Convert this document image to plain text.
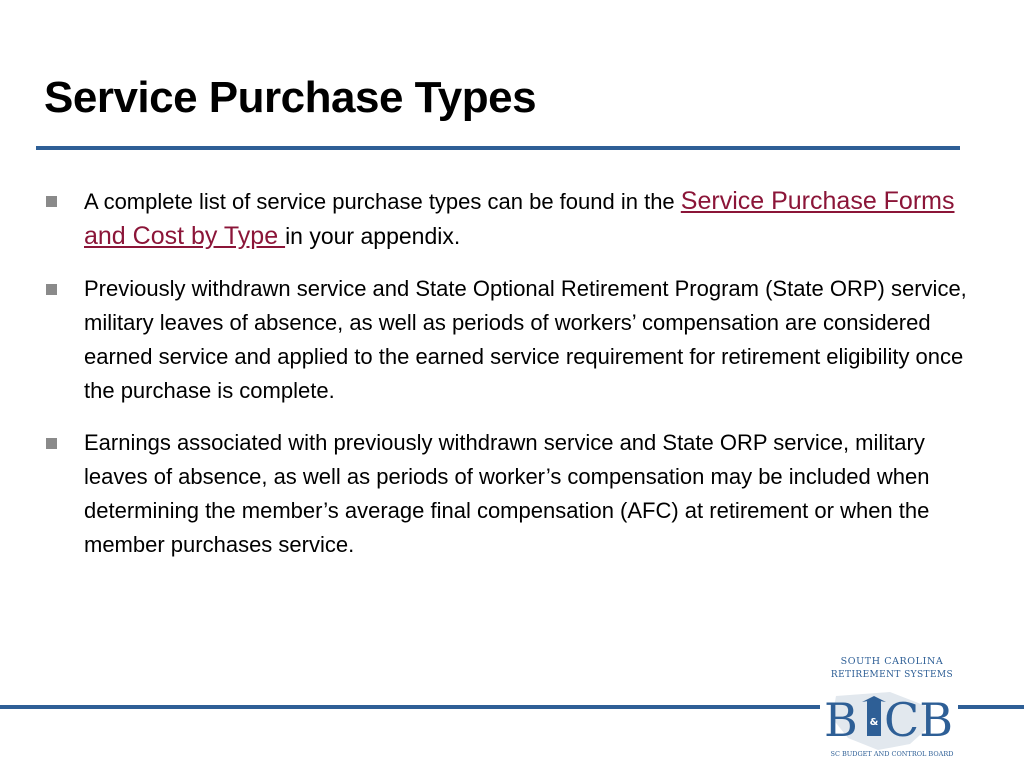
Service Purchase Types
A complete list of service purchase types can be found in the Service Purchase Forms and Cost by Type in your appendix.
Previously withdrawn service and State Optional Retirement Program (State ORP) service, military leaves of absence, as well as periods of workers’ compensation are considered earned service and applied to the earned service requirement for retirement eligibility once the purchase is complete.
Earnings associated with previously withdrawn service and State ORP service, military leaves of absence, as well as periods of worker’s compensation may be included when determining the member’s average final compensation (AFC) at retirement or when the member purchases service.
SOUTH CAROLINA
RETIREMENT SYSTEMS
B & CB
SC BUDGET AND CONTROL BOARD
